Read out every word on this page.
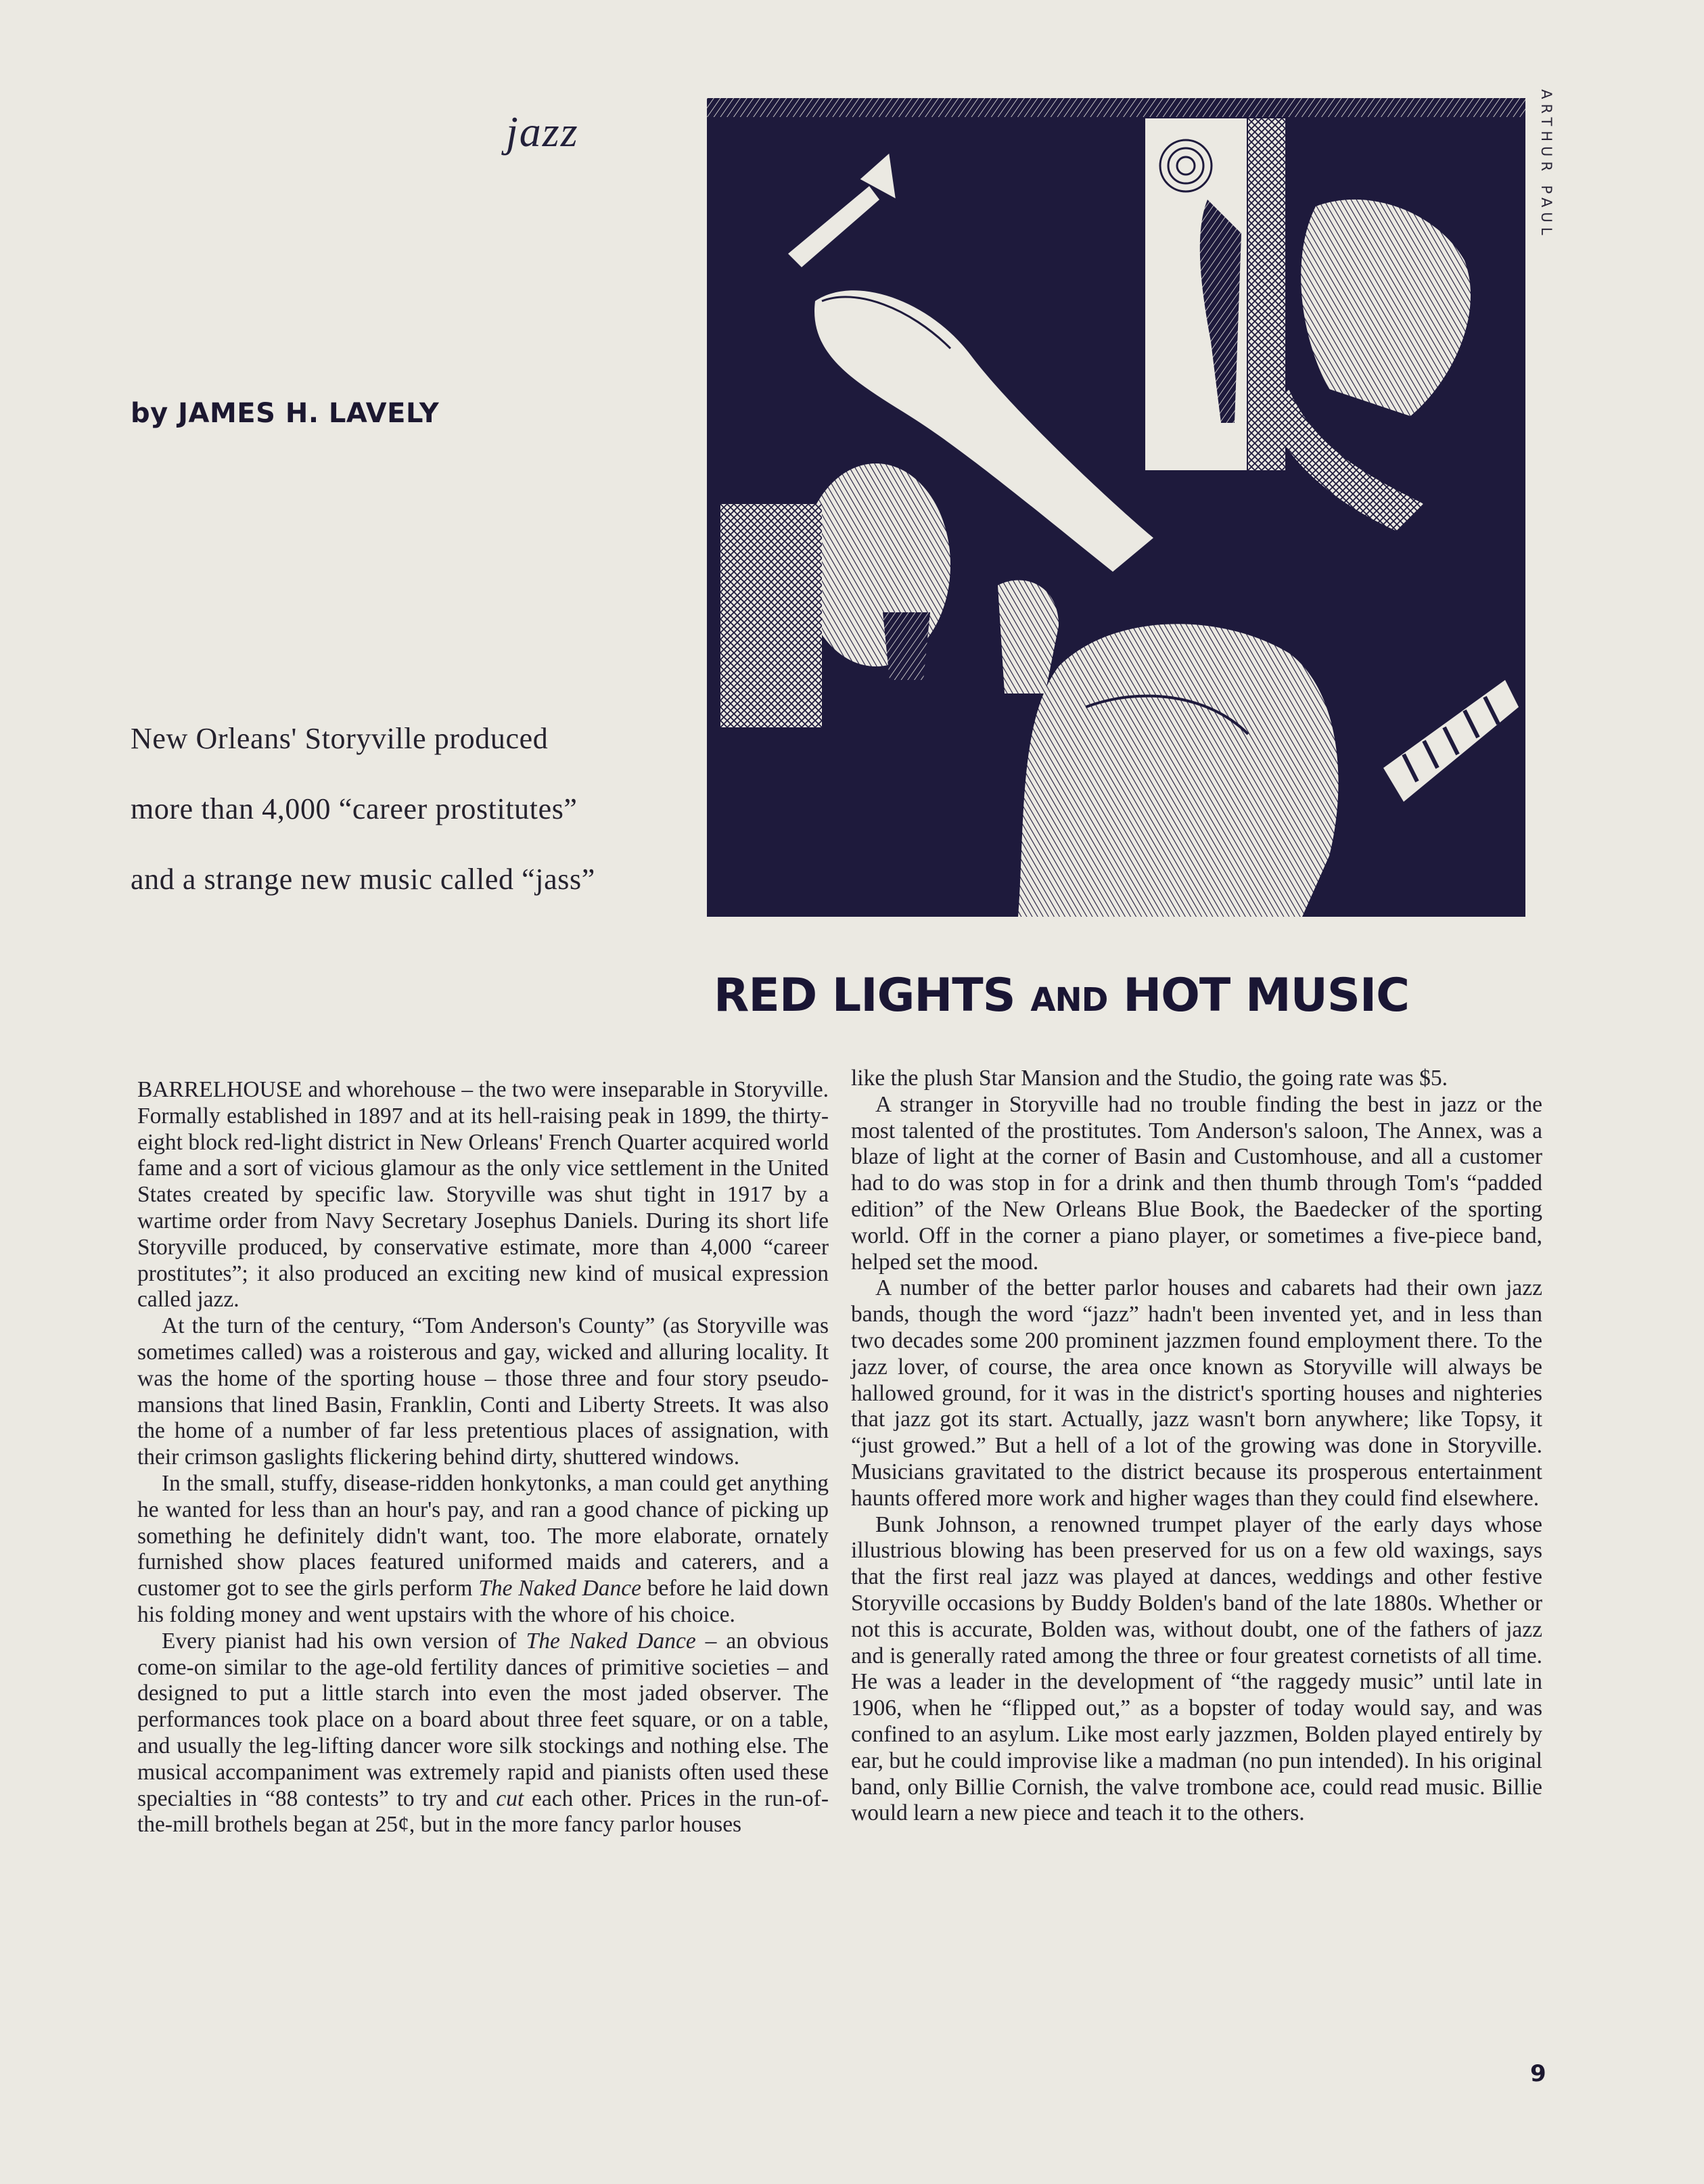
jazz
by JAMES H. LAVELY
New Orleans' Storyville produced
more than 4,000 “career prostitutes”
and a strange new music called “jass”
ARTHUR PAUL
RED LIGHTS AND HOT MUSIC

BARRELHOUSE and whorehouse – the two were inseparable in Storyville. Formally established in 1897 and at its hell-raising peak in 1899, the thirty-eight block red-light district in New Orleans' French Quarter acquired world fame and a sort of vicious glamour as the only vice settlement in the United States created by specific law. Storyville was shut tight in 1917 by a wartime order from Navy Secretary Josephus Daniels. During its short life Storyville produced, by conservative estimate, more than 4,000 “career prostitutes”; it also produced an exciting new kind of musical expression called jazz.

At the turn of the century, “Tom Anderson's County” (as Storyville was sometimes called) was a roisterous and gay, wicked and alluring locality. It was the home of the sporting house – those three and four story pseudo-mansions that lined Basin, Franklin, Conti and Liberty Streets. It was also the home of a number of far less pretentious places of assignation, with their crimson gaslights flickering behind dirty, shuttered windows.

In the small, stuffy, disease-ridden honkytonks, a man could get anything he wanted for less than an hour's pay, and ran a good chance of picking up something he definitely didn't want, too. The more elaborate, ornately furnished show places featured uniformed maids and caterers, and a customer got to see the girls perform The Naked Dance before he laid down his folding money and went upstairs with the whore of his choice.

Every pianist had his own version of The Naked Dance – an obvious come-on similar to the age-old fertility dances of primitive societies – and designed to put a little starch into even the most jaded observer. The performances took place on a board about three feet square, or on a table, and usually the leg-lifting dancer wore silk stockings and nothing else. The musical accompaniment was extremely rapid and pianists often used these specialties in “88 contests” to try and cut each other. Prices in the run-of-the-mill brothels began at 25¢, but in the more fancy parlor houses

like the plush Star Mansion and the Studio, the going rate was $5.

A stranger in Storyville had no trouble finding the best in jazz or the most talented of the prostitutes. Tom Anderson's saloon, The Annex, was a blaze of light at the corner of Basin and Customhouse, and all a customer had to do was stop in for a drink and then thumb through Tom's “padded edition” of the New Orleans Blue Book, the Baedecker of the sporting world. Off in the corner a piano player, or sometimes a five-piece band, helped set the mood.

A number of the better parlor houses and cabarets had their own jazz bands, though the word “jazz” hadn't been invented yet, and in less than two decades some 200 prominent jazzmen found employment there. To the jazz lover, of course, the area once known as Storyville will always be hallowed ground, for it was in the district's sporting houses and nighteries that jazz got its start. Actually, jazz wasn't born anywhere; like Topsy, it “just growed.” But a hell of a lot of the growing was done in Storyville. Musicians gravitated to the district because its prosperous entertainment haunts offered more work and higher wages than they could find elsewhere.

Bunk Johnson, a renowned trumpet player of the early days whose illustrious blowing has been preserved for us on a few old waxings, says that the first real jazz was played at dances, weddings and other festive Storyville occasions by Buddy Bolden's band of the late 1880s. Whether or not this is accurate, Bolden was, without doubt, one of the fathers of jazz and is generally rated among the three or four greatest cornetists of all time. He was a leader in the development of “the raggedy music” until late in 1906, when he “flipped out,” as a bopster of today would say, and was confined to an asylum. Like most early jazzmen, Bolden played entirely by ear, but he could improvise like a madman (no pun intended). In his original band, only Billie Cornish, the valve trombone ace, could read music. Billie would learn a new piece and teach it to the others.

9
